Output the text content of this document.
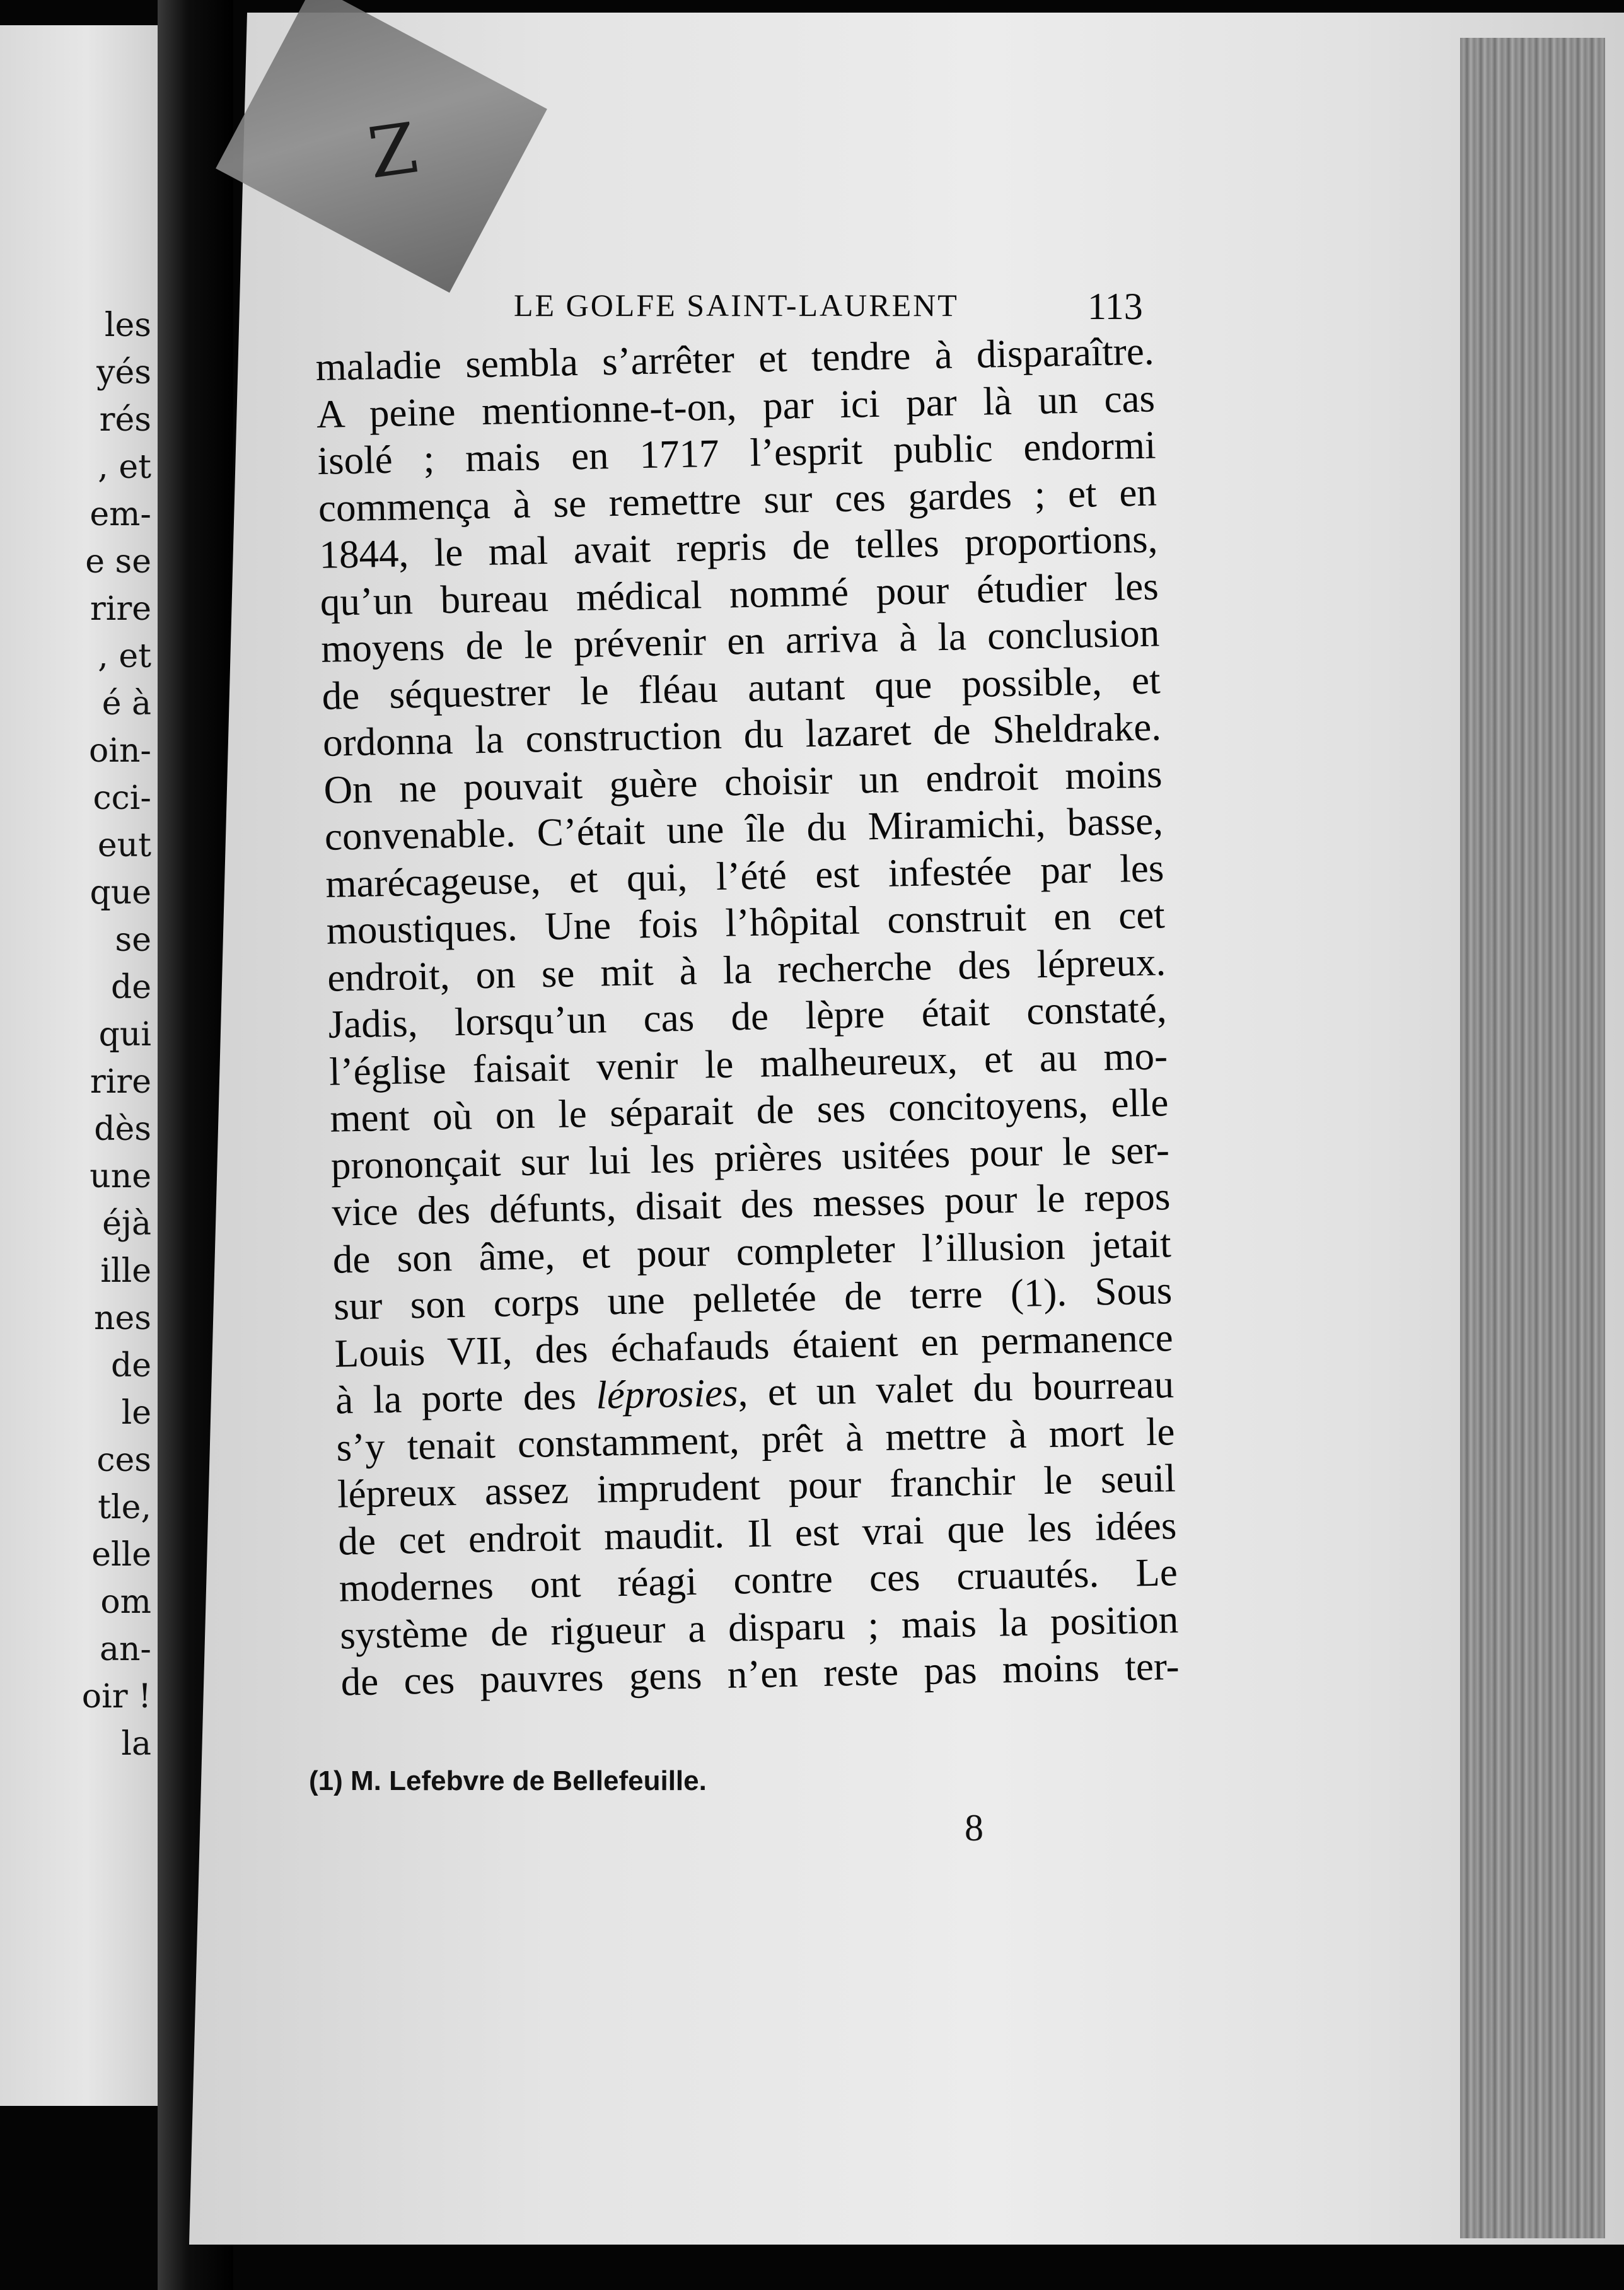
les
yés
rés
, et
em-
e se
rire
, et
é à
oin-
cci-
eut
que
se
de
qui
rire
dès
une
éjà
ille
nes
de
le
ces
tle,
elle
om
an-
oir !
la
Z
LE GOLFE SAINT-LAURENT	113
maladie sembla s’arrêter et tendre à disparaître.
A peine mentionne-t-on, par ici par là un cas
isolé ; mais en 1717 l’esprit public endormi
commença à se remettre sur ces gardes ; et en
1844, le mal avait repris de telles proportions,
qu’un bureau médical nommé pour étudier les
moyens de le prévenir en arriva à la conclusion
de séquestrer le fléau autant que possible, et
ordonna la construction du lazaret de Sheldrake.
On ne pouvait guère choisir un endroit moins
convenable. C’était une île du Miramichi, basse,
marécageuse, et qui, l’été est infestée par les
moustiques. Une fois l’hôpital construit en cet
endroit, on se mit à la recherche des lépreux.
Jadis, lorsqu’un cas de lèpre était constaté,
l’église faisait venir le malheureux, et au mo-
ment où on le séparait de ses concitoyens, elle
prononçait sur lui les prières usitées pour le ser-
vice des défunts, disait des messes pour le repos
de son âme, et pour completer l’illusion jetait
sur son corps une pelletée de terre (1). Sous
Louis VII, des échafauds étaient en permanence
à la porte des léprosies, et un valet du bourreau
s’y tenait constamment, prêt à mettre à mort le
lépreux assez imprudent pour franchir le seuil
de cet endroit maudit. Il est vrai que les idées
modernes ont réagi contre ces cruautés. Le
système de rigueur a disparu ; mais la position
de ces pauvres gens n’en reste pas moins ter-
(1) M. Lefebvre de Bellefeuille.
8
